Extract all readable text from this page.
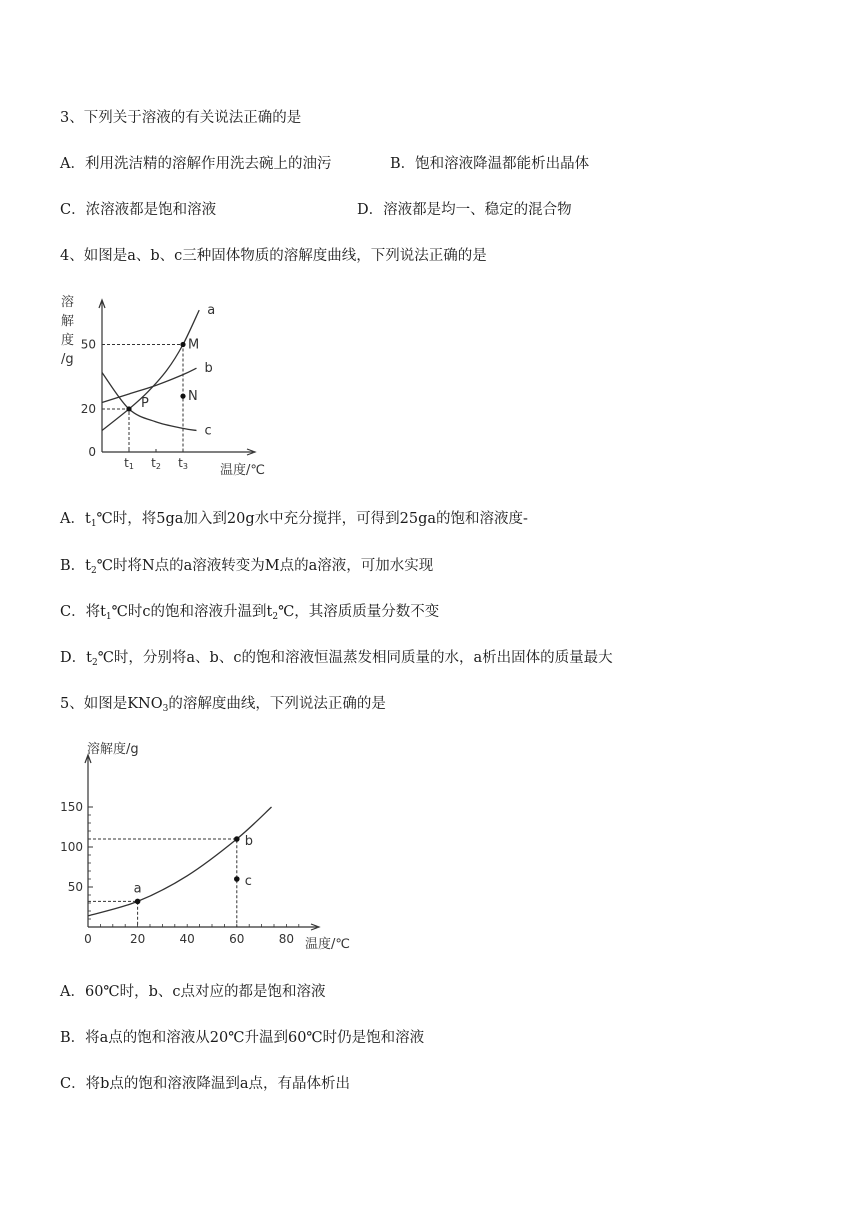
3、下列关于溶液的有关说法正确的是
A．利用洗洁精的溶解作用洗去碗上的油污	B．饱和溶液降温都能析出晶体
C．浓溶液都是饱和溶液	D．溶液都是均一、稳定的混合物
4、如图是a、b、c三种固体物质的溶解度曲线，下列说法正确的是
溶
解
度
/g
温度/℃
0
20
50
t1 t2 t3
a
b
c
P
M
N
A．$t_1℃$时，将5ga加入到20g水中充分搅拌，可得到25ga的饱和溶液度-
B．$t_2℃$时将N点的a溶液转变为M点的a溶液，可加水实现
C．将$t_1℃$时c的饱和溶液升温到$t_2℃$，其溶质质量分数不变
D．$t_2℃$时，分别将a、b、c的饱和溶液恒温蒸发相同质量的水，a析出固体的质量最大
5、如图是$KNO_3$的溶解度曲线，下列说法正确的是
溶解度/g
温度/℃
50
100
150
0	20	40	60	80
a
b
c
A．60℃时，b、c点对应的都是饱和溶液
B．将a点的饱和溶液从20℃升温到60℃时仍是饱和溶液
C．将b点的饱和溶液降温到a点，有晶体析出
